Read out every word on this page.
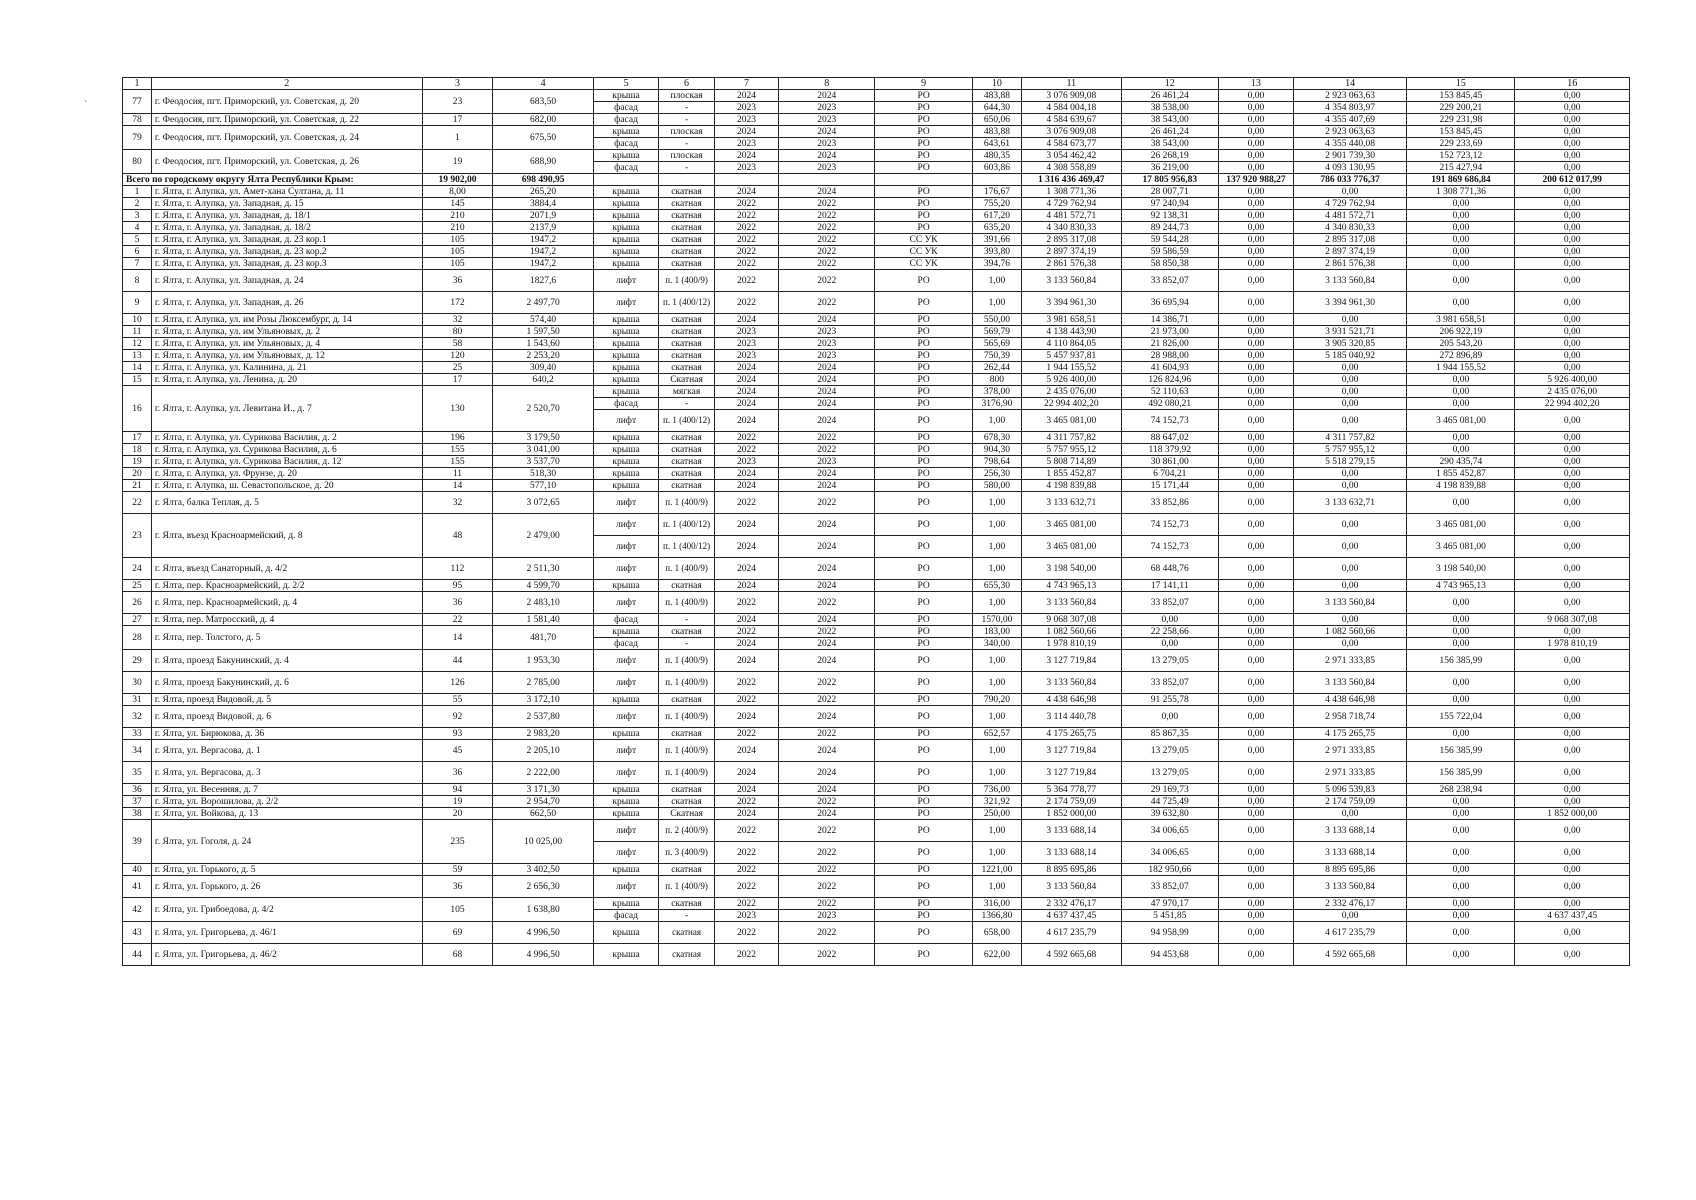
`
1	2	3	4	5	6	7	8	9	10	11	12	13	14	15	16
77	г. Феодосия, пгт. Приморский, ул. Советская, д. 20	23	683,50	крыша	плоская	2024	2024	РО	483,88	3 076 909,08	26 461,24	0,00	2 923 063,63	153 845,45	0,00
				фасад	-	2023	2023	РО	644,30	4 584 004,18	38 538,00	0,00	4 354 803,97	229 200,21	0,00
78	г. Феодосия, пгт. Приморский, ул. Советская, д. 22	17	682,00	фасад	-	2023	2023	РО	650,06	4 584 639,67	38 543,00	0,00	4 355 407,69	229 231,98	0,00
79	г. Феодосия, пгт. Приморский, ул. Советская, д. 24	1	675,50	крыша	плоская	2024	2024	РО	483,88	3 076 909,08	26 461,24	0,00	2 923 063,63	153 845,45	0,00
				фасад	-	2023	2023	РО	643,61	4 584 673,77	38 543,00	0,00	4 355 440,08	229 233,69	0,00
80	г. Феодосия, пгт. Приморский, ул. Советская, д. 26	19	688,90	крыша	плоская	2024	2024	РО	480,35	3 054 462,42	26 268,19	0,00	2 901 739,30	152 723,12	0,00
				фасад	-	2023	2023	РО	603,86	4 308 558,89	36 219,00	0,00	4 093 130,95	215 427,94	0,00
Всего по городскому округу Ялта Республики Крым:		19 902,00	698 490,95							1 316 436 469,47	17 805 956,83	137 920 988,27	786 033 776,37	191 869 686,84	200 612 017,99
1	г. Ялта, г. Алупка, ул. Амет-хана Султана, д. 11	8,00	265,20	крыша	скатная	2024	2024	РО	176,67	1 308 771,36	28 007,71	0,00	0,00	1 308 771,36	0,00
2	г. Ялта, г. Алупка, ул. Западная, д. 15	145	3884,4	крыша	скатная	2022	2022	РО	755,20	4 729 762,94	97 240,94	0,00	4 729 762,94	0,00	0,00
3	г. Ялта, г. Алупка, ул. Западная, д. 18/1	210	2071,9	крыша	скатная	2022	2022	РО	617,20	4 481 572,71	92 138,31	0,00	4 481 572,71	0,00	0,00
4	г. Ялта, г. Алупка, ул. Западная, д. 18/2	210	2137,9	крыша	скатная	2022	2022	РО	635,20	4 340 830,33	89 244,73	0,00	4 340 830,33	0,00	0,00
5	г. Ялта, г. Алупка, ул. Западная, д. 23 кор.1	105	1947,2	крыша	скатная	2022	2022	СС УК	391,66	2 895 317,08	59 544,28	0,00	2 895 317,08	0,00	0,00
6	г. Ялта, г. Алупка, ул. Западная, д. 23 кор.2	105	1947,2	крыша	скатная	2022	2022	СС УК	393,80	2 897 374,19	59 586,59	0,00	2 897 374,19	0,00	0,00
7	г. Ялта, г. Алупка, ул. Западная, д. 23 кор.3	105	1947,2	крыша	скатная	2022	2022	СС УК	394,76	2 861 576,38	58 850,38	0,00	2 861 576,38	0,00	0,00
8	г. Ялта, г. Алупка, ул. Западная, д. 24	36	1827,6	лифт	п. 1 (400/9)	2022	2022	РО	1,00	3 133 560,84	33 852,07	0,00	3 133 560,84	0,00	0,00
9	г. Ялта, г. Алупка, ул. Западная, д. 26	172	2 497,70	лифт	п. 1 (400/12)	2022	2022	РО	1,00	3 394 961,30	36 695,94	0,00	3 394 961,30	0,00	0,00
10	г. Ялта, г. Алупка, ул. им Розы Люксембург, д. 14	32	574,40	крыша	скатная	2024	2024	РО	550,00	3 981 658,51	14 386,71	0,00	0,00	3 981 658,51	0,00
11	г. Ялта, г. Алупка, ул. им Ульяновых, д. 2	80	1 597,50	крыша	скатная	2023	2023	РО	569,79	4 138 443,90	21 973,00	0,00	3 931 521,71	206 922,19	0,00
12	г. Ялта, г. Алупка, ул. им Ульяновых, д. 4	58	1 543,60	крыша	скатная	2023	2023	РО	565,69	4 110 864,05	21 826,00	0,00	3 905 320,85	205 543,20	0,00
13	г. Ялта, г. Алупка, ул. им Ульяновых, д. 12	120	2 253,20	крыша	скатная	2023	2023	РО	750,39	5 457 937,81	28 988,00	0,00	5 185 040,92	272 896,89	0,00
14	г. Ялта, г. Алупка, ул. Калинина, д. 21	25	309,40	крыша	скатная	2024	2024	РО	262,44	1 944 155,52	41 604,93	0,00	0,00	1 944 155,52	0,00
15	г. Ялта, г. Алупка, ул. Ленина, д. 20	17	640,2	крыша	Скатная	2024	2024	РО	800	5 926 400,00	126 824,96	0,00	0,00	0,00	5 926 400,00
16	г. Ялта, г. Алупка, ул. Левитана И., д. 7	130	2 520,70	крыша	мягкая	2024	2024	РО	378,00	2 435 076,00	52 110,63	0,00	0,00	0,00	2 435 076,00
				фасад	-	2024	2024	РО	3176,90	22 994 402,20	492 080,21	0,00	0,00	0,00	22 994 402,20
				лифт	п. 1 (400/12)	2024	2024	РО	1,00	3 465 081,00	74 152,73	0,00	0,00	3 465 081,00	0,00
17	г. Ялта, г. Алупка, ул. Сурикова Василия, д. 2	196	3 179,50	крыша	скатная	2022	2022	РО	678,30	4 311 757,82	88 647,02	0,00	4 311 757,82	0,00	0,00
18	г. Ялта, г. Алупка, ул. Сурикова Василия, д. 6	155	3 041,00	крыша	скатная	2022	2022	РО	904,30	5 757 955,12	118 379,92	0,00	5 757 955,12	0,00	0,00
19	г. Ялта, г. Алупка, ул. Сурикова Василия, д. 12	155	3 537,70	крыша	скатная	2023	2023	РО	798,64	5 808 714,89	30 861,00	0,00	5 518 279,15	290 435,74	0,00
20	г. Ялта, г. Алупка, ул. Фрунзе, д. 20	11	518,30	крыша	скатная	2024	2024	РО	256,30	1 855 452,87	6 704,21	0,00	0,00	1 855 452,87	0,00
21	г. Ялта, г. Алупка, ш. Севастопольское, д. 20	14	577,10	крыша	скатная	2024	2024	РО	580,00	4 198 839,88	15 171,44	0,00	0,00	4 198 839,88	0,00
22	г. Ялта, балка Теплая, д. 5	32	3 072,65	лифт	п. 1 (400/9)	2022	2022	РО	1,00	3 133 632,71	33 852,86	0,00	3 133 632,71	0,00	0,00
23	г. Ялта, въезд Красноармейский, д. 8	48	2 479,00	лифт	п. 1 (400/12)	2024	2024	РО	1,00	3 465 081,00	74 152,73	0,00	0,00	3 465 081,00	0,00
				лифт	п. 1 (400/12)	2024	2024	РО	1,00	3 465 081,00	74 152,73	0,00	0,00	3 465 081,00	0,00
24	г. Ялта, въезд Санаторный, д. 4/2	112	2 511,30	лифт	п. 1 (400/9)	2024	2024	РО	1,00	3 198 540,00	68 448,76	0,00	0,00	3 198 540,00	0,00
25	г. Ялта, пер. Красноармейский, д. 2/2	95	4 599,70	крыша	скатная	2024	2024	РО	655,30	4 743 965,13	17 141,11	0,00	0,00	4 743 965,13	0,00
26	г. Ялта, пер. Красноармейский, д. 4	36	2 483,10	лифт	п. 1 (400/9)	2022	2022	РО	1,00	3 133 560,84	33 852,07	0,00	3 133 560,84	0,00	0,00
27	г. Ялта, пер. Матросский, д. 4	22	1 581,40	фасад	-	2024	2024	РО	1570,00	9 068 307,08	0,00	0,00	0,00	0,00	9 068 307,08
28	г. Ялта, пер. Толстого, д. 5	14	481,70	крыша	скатная	2022	2022	РО	183,00	1 082 560,66	22 258,66	0,00	1 082 560,66	0,00	0,00
				фасад	-	2024	2024	РО	340,00	1 978 810,19	0,00	0,00	0,00	0,00	1 978 810,19
29	г. Ялта, проезд Бакунинский, д. 4	44	1 953,30	лифт	п. 1 (400/9)	2024	2024	РО	1,00	3 127 719,84	13 279,05	0,00	2 971 333,85	156 385,99	0,00
30	г. Ялта, проезд Бакунинский, д. 6	126	2 785,00	лифт	п. 1 (400/9)	2022	2022	РО	1,00	3 133 560,84	33 852,07	0,00	3 133 560,84	0,00	0,00
31	г. Ялта, проезд Видовой, д. 5	55	3 172,10	крыша	скатная	2022	2022	РО	790,20	4 438 646,98	91 255,78	0,00	4 438 646,98	0,00	0,00
32	г. Ялта, проезд Видовой, д. 6	92	2 537,80	лифт	п. 1 (400/9)	2024	2024	РО	1,00	3 114 440,78	0,00	0,00	2 958 718,74	155 722,04	0,00
33	г. Ялта, ул. Бирюкова, д. 36	93	2 983,20	крыша	скатная	2022	2022	РО	652,57	4 175 265,75	85 867,35	0,00	4 175 265,75	0,00	0,00
34	г. Ялта, ул. Вергасова, д. 1	45	2 205,10	лифт	п. 1 (400/9)	2024	2024	РО	1,00	3 127 719,84	13 279,05	0,00	2 971 333,85	156 385,99	0,00
35	г. Ялта, ул. Вергасова, д. 3	36	2 222,00	лифт	п. 1 (400/9)	2024	2024	РО	1,00	3 127 719,84	13 279,05	0,00	2 971 333,85	156 385,99	0,00
36	г. Ялта, ул. Весенняя, д. 7	94	3 171,30	крыша	скатная	2024	2024	РО	736,00	5 364 778,77	29 169,73	0,00	5 096 539,83	268 238,94	0,00
37	г. Ялта, ул. Ворошилова, д. 2/2	19	2 954,70	крыша	скатная	2022	2022	РО	321,92	2 174 759,09	44 725,49	0,00	2 174 759,09	0,00	0,00
38	г. Ялта, ул. Войкова, д. 13	20	662,50	крыша	Скатная	2024	2024	РО	250,00	1 852 000,00	39 632,80	0,00	0,00	0,00	1 852 000,00
39	г. Ялта, ул. Гоголя, д. 24	235	10 025,00	лифт	п. 2 (400/9)	2022	2022	РО	1,00	3 133 688,14	34 006,65	0,00	3 133 688,14	0,00	0,00
				лифт	п. 3 (400/9)	2022	2022	РО	1,00	3 133 688,14	34 006,65	0,00	3 133 688,14	0,00	0,00
40	г. Ялта, ул. Горького, д. 5	59	3 402,50	крыша	скатная	2022	2022	РО	1221,00	8 895 695,86	182 950,66	0,00	8 895 695,86	0,00	0,00
41	г. Ялта, ул. Горького, д. 26	36	2 656,30	лифт	п. 1 (400/9)	2022	2022	РО	1,00	3 133 560,84	33 852,07	0,00	3 133 560,84	0,00	0,00
42	г. Ялта, ул. Грибоедова, д. 4/2	105	1 638,80	крыша	скатная	2022	2022	РО	316,00	2 332 476,17	47 970,17	0,00	2 332 476,17	0,00	0,00
				фасад	-	2023	2023	РО	1366,80	4 637 437,45	5 451,85	0,00	0,00	0,00	4 637 437,45
43	г. Ялта, ул. Григорьева, д. 46/1	69	4 996,50	крыша	скатная	2022	2022	РО	658,00	4 617 235,79	94 958,99	0,00	4 617 235,79	0,00	0,00
44	г. Ялта, ул. Григорьева, д. 46/2	68	4 996,50	крыша	скатная	2022	2022	РО	622,00	4 592 665,68	94 453,68	0,00	4 592 665,68	0,00	0,00
